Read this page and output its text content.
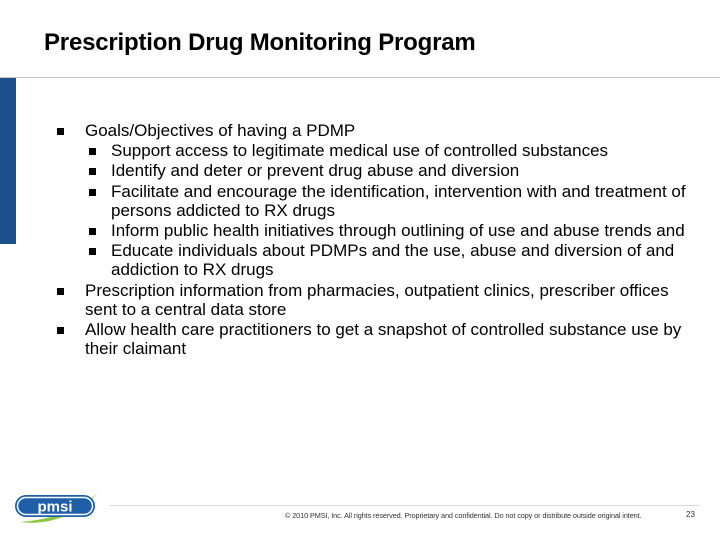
Prescription Drug Monitoring Program
Goals/Objectives of having a PDMP
Support access to legitimate medical use of controlled substances
Identify and deter or prevent drug abuse and diversion
Facilitate and encourage the identification, intervention with and treatment of persons addicted to RX drugs
Inform public health initiatives through outlining of use and abuse trends and
Educate individuals about PDMPs and the use, abuse and diversion of and addiction to RX drugs
Prescription information from pharmacies, outpatient clinics, prescriber offices sent to a central data store
Allow health care practitioners to get a snapshot of controlled substance use by their claimant
pmsi	© 2010 PMSI, Inc. All rights reserved. Proprietary and confidential. Do not copy or distribute outside original intent.	23
